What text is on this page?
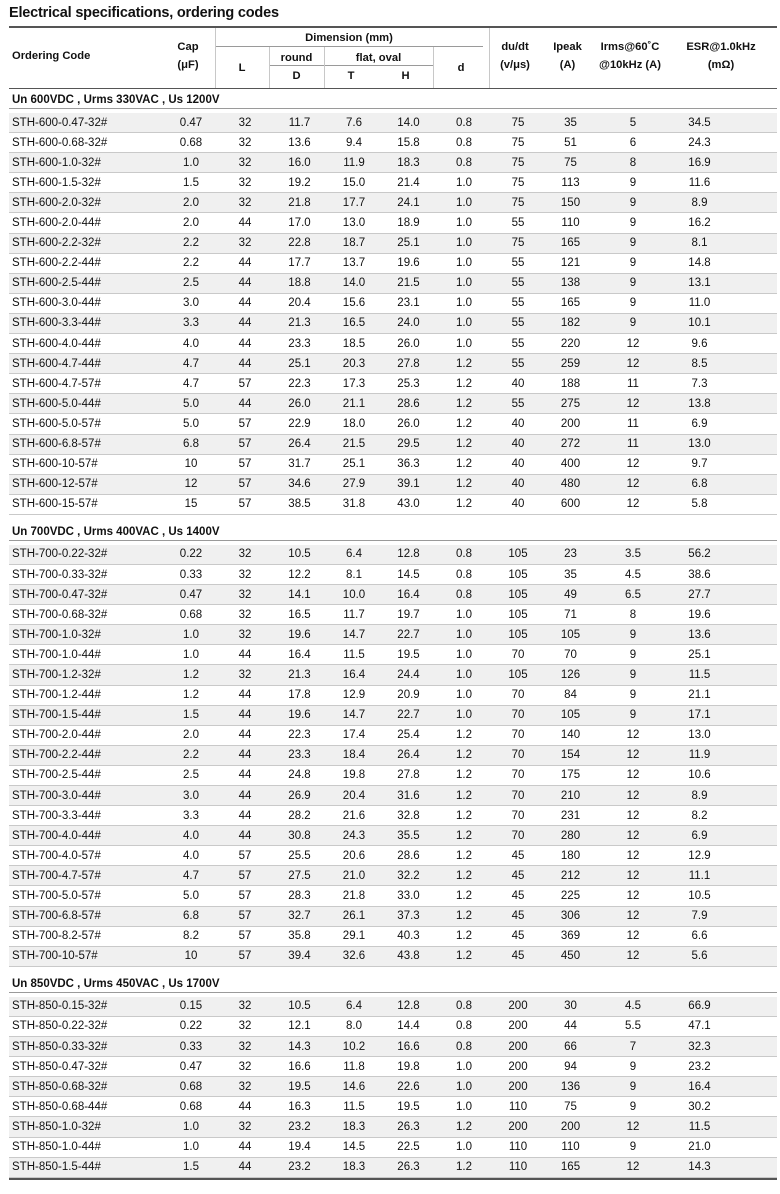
Electrical specifications, ordering codes
Ordering Code
Cap
(μF)
Dimension (mm)
L
round
D
flat, oval
T	H
d
du/dt
(v/μs)
Ipeak
(A)
Irms@60˚C
@10kHz (A)
ESR@1.0kHz
(mΩ)
Un 600VDC , Urms 330VAC , Us 1200V
STH-600-0.47-32#	0.47	32	11.7	7.6	14.0	0.8	75	35	5	34.5
STH-600-0.68-32#	0.68	32	13.6	9.4	15.8	0.8	75	51	6	24.3
STH-600-1.0-32#	1.0	32	16.0	11.9	18.3	0.8	75	75	8	16.9
STH-600-1.5-32#	1.5	32	19.2	15.0	21.4	1.0	75	113	9	11.6
STH-600-2.0-32#	2.0	32	21.8	17.7	24.1	1.0	75	150	9	8.9
STH-600-2.0-44#	2.0	44	17.0	13.0	18.9	1.0	55	110	9	16.2
STH-600-2.2-32#	2.2	32	22.8	18.7	25.1	1.0	75	165	9	8.1
STH-600-2.2-44#	2.2	44	17.7	13.7	19.6	1.0	55	121	9	14.8
STH-600-2.5-44#	2.5	44	18.8	14.0	21.5	1.0	55	138	9	13.1
STH-600-3.0-44#	3.0	44	20.4	15.6	23.1	1.0	55	165	9	11.0
STH-600-3.3-44#	3.3	44	21.3	16.5	24.0	1.0	55	182	9	10.1
STH-600-4.0-44#	4.0	44	23.3	18.5	26.0	1.0	55	220	12	9.6
STH-600-4.7-44#	4.7	44	25.1	20.3	27.8	1.2	55	259	12	8.5
STH-600-4.7-57#	4.7	57	22.3	17.3	25.3	1.2	40	188	11	7.3
STH-600-5.0-44#	5.0	44	26.0	21.1	28.6	1.2	55	275	12	13.8
STH-600-5.0-57#	5.0	57	22.9	18.0	26.0	1.2	40	200	11	6.9
STH-600-6.8-57#	6.8	57	26.4	21.5	29.5	1.2	40	272	11	13.0
STH-600-10-57#	10	57	31.7	25.1	36.3	1.2	40	400	12	9.7
STH-600-12-57#	12	57	34.6	27.9	39.1	1.2	40	480	12	6.8
STH-600-15-57#	15	57	38.5	31.8	43.0	1.2	40	600	12	5.8
Un 700VDC , Urms 400VAC , Us 1400V
STH-700-0.22-32#	0.22	32	10.5	6.4	12.8	0.8	105	23	3.5	56.2
STH-700-0.33-32#	0.33	32	12.2	8.1	14.5	0.8	105	35	4.5	38.6
STH-700-0.47-32#	0.47	32	14.1	10.0	16.4	0.8	105	49	6.5	27.7
STH-700-0.68-32#	0.68	32	16.5	11.7	19.7	1.0	105	71	8	19.6
STH-700-1.0-32#	1.0	32	19.6	14.7	22.7	1.0	105	105	9	13.6
STH-700-1.0-44#	1.0	44	16.4	11.5	19.5	1.0	70	70	9	25.1
STH-700-1.2-32#	1.2	32	21.3	16.4	24.4	1.0	105	126	9	11.5
STH-700-1.2-44#	1.2	44	17.8	12.9	20.9	1.0	70	84	9	21.1
STH-700-1.5-44#	1.5	44	19.6	14.7	22.7	1.0	70	105	9	17.1
STH-700-2.0-44#	2.0	44	22.3	17.4	25.4	1.2	70	140	12	13.0
STH-700-2.2-44#	2.2	44	23.3	18.4	26.4	1.2	70	154	12	11.9
STH-700-2.5-44#	2.5	44	24.8	19.8	27.8	1.2	70	175	12	10.6
STH-700-3.0-44#	3.0	44	26.9	20.4	31.6	1.2	70	210	12	8.9
STH-700-3.3-44#	3.3	44	28.2	21.6	32.8	1.2	70	231	12	8.2
STH-700-4.0-44#	4.0	44	30.8	24.3	35.5	1.2	70	280	12	6.9
STH-700-4.0-57#	4.0	57	25.5	20.6	28.6	1.2	45	180	12	12.9
STH-700-4.7-57#	4.7	57	27.5	21.0	32.2	1.2	45	212	12	11.1
STH-700-5.0-57#	5.0	57	28.3	21.8	33.0	1.2	45	225	12	10.5
STH-700-6.8-57#	6.8	57	32.7	26.1	37.3	1.2	45	306	12	7.9
STH-700-8.2-57#	8.2	57	35.8	29.1	40.3	1.2	45	369	12	6.6
STH-700-10-57#	10	57	39.4	32.6	43.8	1.2	45	450	12	5.6
Un 850VDC , Urms 450VAC , Us 1700V
STH-850-0.15-32#	0.15	32	10.5	6.4	12.8	0.8	200	30	4.5	66.9
STH-850-0.22-32#	0.22	32	12.1	8.0	14.4	0.8	200	44	5.5	47.1
STH-850-0.33-32#	0.33	32	14.3	10.2	16.6	0.8	200	66	7	32.3
STH-850-0.47-32#	0.47	32	16.6	11.8	19.8	1.0	200	94	9	23.2
STH-850-0.68-32#	0.68	32	19.5	14.6	22.6	1.0	200	136	9	16.4
STH-850-0.68-44#	0.68	44	16.3	11.5	19.5	1.0	110	75	9	30.2
STH-850-1.0-32#	1.0	32	23.2	18.3	26.3	1.2	200	200	12	11.5
STH-850-1.0-44#	1.0	44	19.4	14.5	22.5	1.0	110	110	9	21.0
STH-850-1.5-44#	1.5	44	23.2	18.3	26.3	1.2	110	165	12	14.3
